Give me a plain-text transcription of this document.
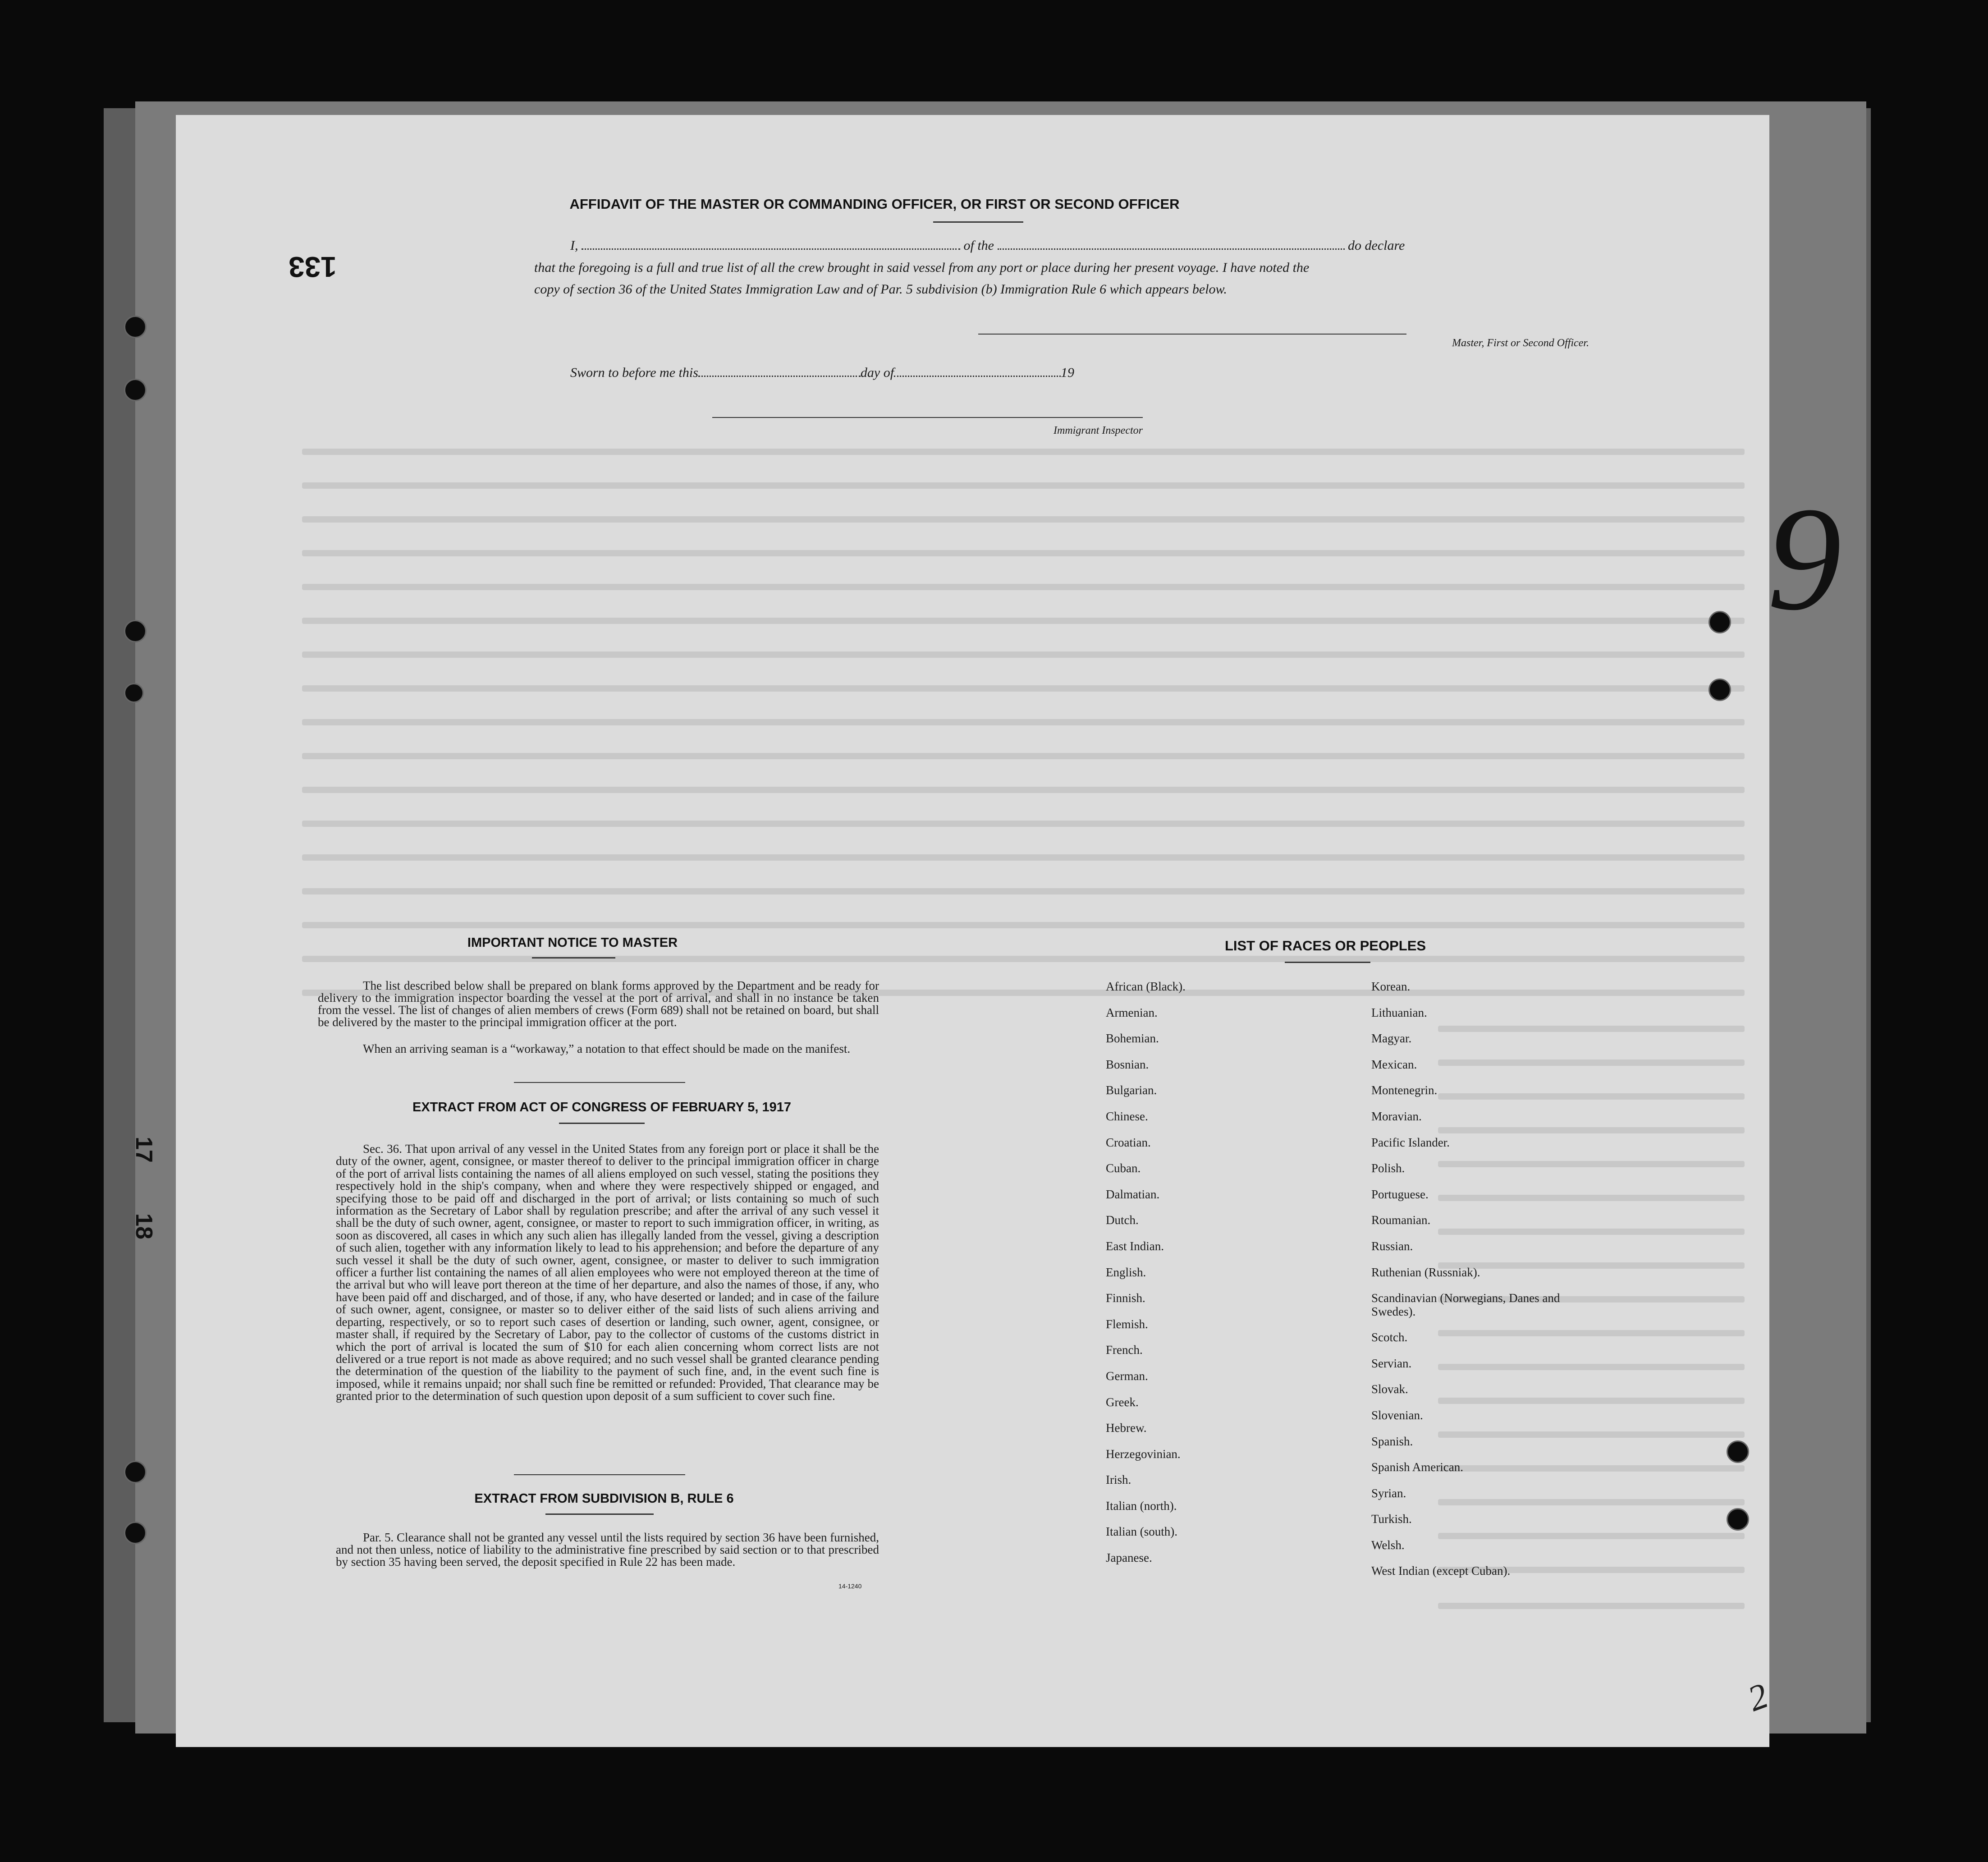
AFFIDAVIT OF THE MASTER OR COMMANDING OFFICER, OR FIRST OR SECOND OFFICER
I,	of the	do declare
that the foregoing is a full and true list of all the crew brought in said vessel from any port or place during her present voyage. I have noted the
copy of section 36 of the United States Immigration Law and of Par. 5 subdivision (b) Immigration Rule 6 which appears below.
Master, First or Second Officer.
Sworn to before me this	day of	19
Immigrant Inspector
IMPORTANT NOTICE TO MASTER
The list described below shall be prepared on blank forms approved by the Department and be ready for delivery to the immigration inspector boarding the vessel at the port of arrival, and shall in no instance be taken from the vessel. The list of changes of alien members of crews (Form 689) shall not be retained on board, but shall be delivered by the master to the principal immigration officer at the port.
When an arriving seaman is a “workaway,” a notation to that effect should be made on the manifest.
EXTRACT FROM ACT OF CONGRESS OF FEBRUARY 5, 1917
Sec. 36. That upon arrival of any vessel in the United States from any foreign port or place it shall be the duty of the owner, agent, consignee, or master thereof to deliver to the principal immigration officer in charge of the port of arrival lists containing the names of all aliens employed on such vessel, stating the positions they respectively hold in the ship's company, when and where they were respectively shipped or engaged, and specifying those to be paid off and discharged in the port of arrival; or lists containing so much of such information as the Secretary of Labor shall by regulation prescribe; and after the arrival of any such vessel it shall be the duty of such owner, agent, consignee, or master to report to such immigration officer, in writing, as soon as discovered, all cases in which any such alien has illegally landed from the vessel, giving a description of such alien, together with any information likely to lead to his apprehension; and before the departure of any such vessel it shall be the duty of such owner, agent, consignee, or master to deliver to such immigration officer a further list containing the names of all alien employees who were not employed thereon at the time of the arrival but who will leave port thereon at the time of her departure, and also the names of those, if any, who have been paid off and discharged, and of those, if any, who have deserted or landed; and in case of the failure of such owner, agent, consignee, or master so to deliver either of the said lists of such aliens arriving and departing, respectively, or so to report such cases of desertion or landing, such owner, agent, consignee, or master shall, if required by the Secretary of Labor, pay to the collector of customs of the customs district in which the port of arrival is located the sum of $10 for each alien concerning whom correct lists are not delivered or a true report is not made as above required; and no such vessel shall be granted clearance pending the determination of the question of the liability to the payment of such fine, and, in the event such fine is imposed, while it remains unpaid; nor shall such fine be remitted or refunded: Provided, That clearance may be granted prior to the determination of such question upon deposit of a sum sufficient to cover such fine.
EXTRACT FROM SUBDIVISION B, RULE 6
Par. 5. Clearance shall not be granted any vessel until the lists required by section 36 have been furnished, and not then unless, notice of liability to the administrative fine prescribed by said section or to that prescribed by section 35 having been served, the deposit specified in Rule 22 has been made.
14-1240
LIST OF RACES OR PEOPLES
African (Black).
Armenian.
Bohemian.
Bosnian.
Bulgarian.
Chinese.
Croatian.
Cuban.
Dalmatian.
Dutch.
East Indian.
English.
Finnish.
Flemish.
French.
German.
Greek.
Hebrew.
Herzegovinian.
Irish.
Italian (north).
Italian (south).
Japanese.
Korean.
Lithuanian.
Magyar.
Mexican.
Montenegrin.
Moravian.
Pacific Islander.
Polish.
Portuguese.
Roumanian.
Russian.
Ruthenian (Russniak).
Scandinavian (Norwegians, Danes and Swedes).
Scotch.
Servian.
Slovak.
Slovenian.
Spanish.
Spanish American.
Syrian.
Turkish.
Welsh.
West Indian (except Cuban).
17
18
133
9
2
